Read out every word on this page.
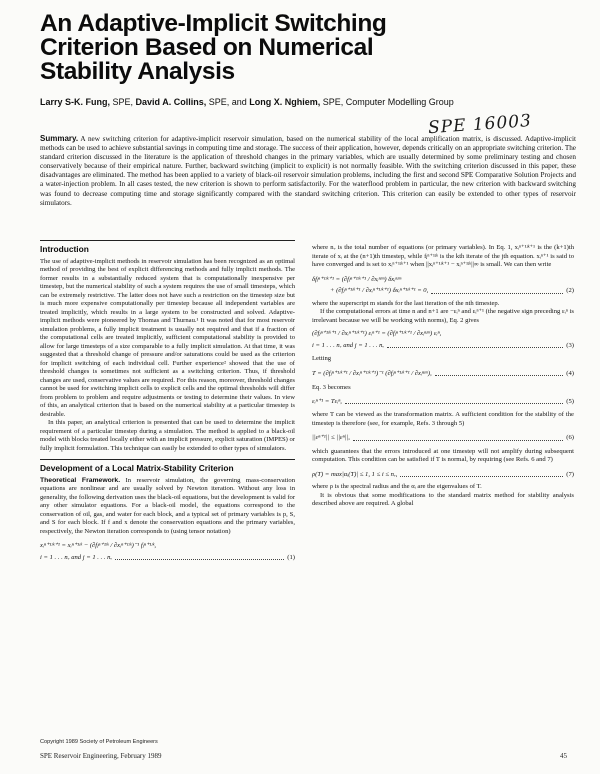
An Adaptive-Implicit Switching
Criterion Based on Numerical
Stability Analysis
Larry S-K. Fung, SPE, David A. Collins, SPE, and Long X. Nghiem, SPE, Computer Modelling Group
SPE 16003
Summary. A new switching criterion for adaptive-implicit reservoir simulation, based on the numerical stability of the local amplification matrix, is discussed. Adaptive-implicit methods can be used to achieve substantial savings in computing time and storage. The success of their application, however, depends critically on an appropriate switching criterion. The standard criterion discussed in the literature is the application of threshold changes in the primary variables, which are usually determined by some preliminary testing and chosen conservatively because of their empirical nature. Further, backward switching (implicit to explicit) is not normally feasible. With the switching criterion discussed in this paper, these disadvantages are eliminated. The method has been applied to a variety of black-oil reservoir simulation problems, including the first and second SPE Comparative Solution Projects and a water-injection problem. In all cases tested, the new criterion is shown to perform satisfactorily. For the waterflood problem in particular, the new criterion with backward switching was found to decrease computing time and storage significantly compared with the standard switching criterion. This criterion can easily be extended to other types of reservoir simulators.
Introduction

The use of adaptive-implicit methods in reservoir simulation has been recognized as an optimal method of providing the best of explicit differencing methods and fully implicit methods. The former results in a substantially reduced system that is computationally inexpensive per timestep, but the numerical stability of such a system requires the use of small timesteps, which can be extremely restrictive. The latter does not have such a restriction on the timestep size but is much more expensive computationally per timestep because all independent variables are treated implicitly, which results in a large system to be constructed and solved. Adaptive-implicit methods were pioneered by Thomas and Thurnau.¹ It was noted that for most reservoir simulation problems, a fully implicit treatment is usually not required and that if a fraction of the computational cells are treated implicitly, sufficient computational stability is provided to allow for large timesteps of a size comparable to a fully implicit simulation. At that time, it was suggested that a threshold change of pressure and/or saturations could be used as the criterion for implicit switching of each individual cell. Further experience² showed that the use of threshold changes is sometimes not sufficient as a switching criterion. Thus, if threshold changes are used, conservative values are required. For this reason, moreover, threshold changes cannot be used for switching implicit cells to explicit cells and the optimal thresholds will differ from problem to problem and require adjustments or testing to determine their values. In view of this, an analytical criterion that is based on the numerical stability at a particular timestep is desirable.

In this paper, an analytical criterion is presented that can be used to determine the implicit requirement of a particular timestep during a simulation. The method is applied to a black-oil model with blocks treated locally either with an implicit pressure, explicit saturation (IMPES) or fully implicit formulation. This technique can easily be extended to other types of simulators.

Development of a Local Matrix-Stability Criterion

Theoretical Framework. In reservoir simulation, the governing mass-conservation equations are nonlinear and are usually solved by Newton iteration. Without any loss in generality, the following derivation uses the black-oil equations, but the development is valid for any other simulator equations. For a black-oil model, the equations correspond to the conservation of oil, gas, and water for each block, and a typical set of primary variables is p, S, and S for each block. If f and x denote the conservation equations and the primary variables, respectively, the Newton iteration corresponds to (using tensor notation)

xᵢⁿ⁺¹ʲᵏ⁺¹ = xᵢⁿ⁺¹ʲᵏ − (∂fⱼⁿ⁺¹ʲᵏ / ∂xᵢⁿ⁺¹ʲᵏ)⁻¹ fⱼⁿ⁺¹ʲᵏ,
i = 1 . . . nᵥ and j = 1 . . . nᵥ	(1)

where nᵥ is the total number of equations (or primary variables). In Eq. 1, xᵢⁿ⁺¹ʲᵏ⁺¹ is the (k+1)th iterate of xᵢ at the (n+1)th timestep, while fⱼⁿ⁺¹ʲᵏ is the kth iterate of the jth equation. xᵢⁿ⁺¹ is said to have converged and is set to xᵢⁿ⁺¹ʲᵏ⁺¹ when ||xᵢⁿ⁺¹ʲᵏ⁺¹ − xᵢⁿ⁺¹ʲᵏ||∞ is small. We can then write

δfⱼⁿ⁺¹ʲᵏ⁺¹ = (∂fⱼⁿ⁺¹ʲᵏ⁺¹ / ∂xᵢⁿʲᵐ) δxᵢⁿʲᵐ
+ (∂fⱼⁿ⁺¹ʲᵏ⁺¹ / ∂xᵢⁿ⁺¹ʲᵏ⁺¹) δxᵢⁿ⁺¹ʲᵏ⁺¹ = 0,	(2)

where the superscript m stands for the last iteration of the nth timestep.

If the computational errors at time n and n+1 are −εᵢⁿ and εᵢⁿ⁺¹ (the negative sign preceding εᵢⁿ is irrelevant because we will be working with norms), Eq. 2 gives

(∂fⱼⁿ⁺¹ʲᵏ⁺¹ / ∂xᵢⁿ⁺¹ʲᵏ⁺¹) εᵢⁿ⁺¹ = (∂fⱼⁿ⁺¹ʲᵏ⁺¹ / ∂xᵢⁿʲᵐ) εᵢⁿ,
i = 1 . . . nᵥ and j = 1 . . . nᵥ	(3)

Letting

T = (∂fⱼⁿ⁺¹ʲᵏ⁺¹ / ∂xᵢⁿ⁺¹ʲᵏ⁺¹)⁻¹ (∂fⱼⁿ⁺¹ʲᵏ⁺¹ / ∂xᵢⁿʲᵐ),	(4)

Eq. 3 becomes

εᵢⁿ⁺¹ = Tεᵢⁿ,	(5)

where T can be viewed as the transformation matrix. A sufficient condition for the stability of the timestep is therefore (see, for example, Refs. 3 through 5)

||εⁿ⁺¹|| ≤ ||εⁿ||,	(6)

which guarantees that the errors introduced at one timestep will not amplify during subsequent computation. This condition can be satisfied if T is normal, by requiring (see Refs. 6 and 7)

ρ(T) = max|αᵢ(T)| ≤ 1, 1 ≤ i ≤ nᵥ,	(7)

where ρ is the spectral radius and the αᵢ are the eigenvalues of T.

It is obvious that some modifications to the standard matrix method for stability analysis described above are required. A global

Copyright 1989 Society of Petroleum Engineers
SPE Reservoir Engineering, February 1989	45
